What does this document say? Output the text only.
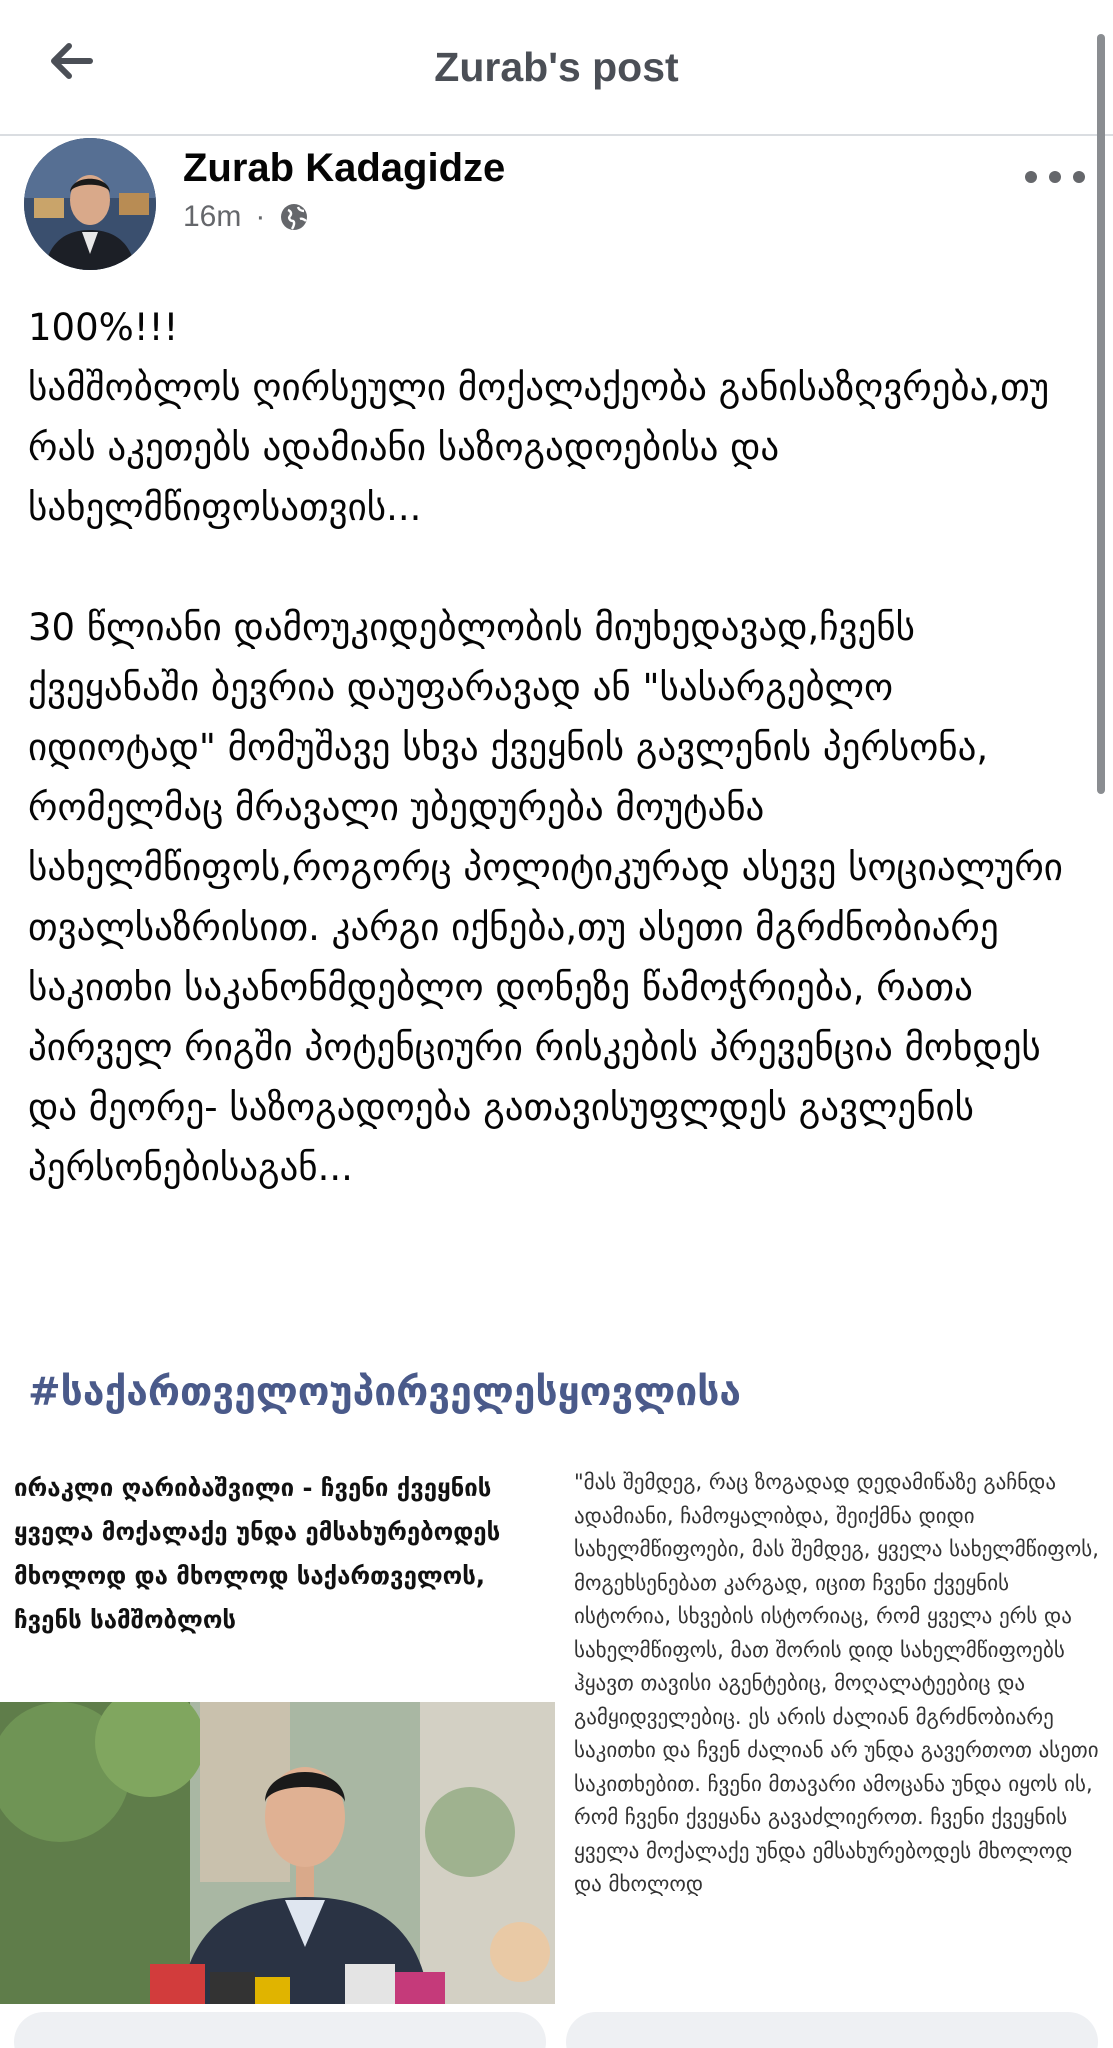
Zurab's post
Zurab Kadagidze
16m ·

100%!!!
სამშობლოს ღირსეული მოქალაქეობა განისაზღვრება,თუ რას აკეთებს ადამიანი საზოგადოებისა და სახელმწიფოსათვის...

30 წლიანი დამოუკიდებლობის მიუხედავად,ჩვენს ქვეყანაში ბევრია დაუფარავად ან "სასარგებლო იდიოტად" მომუშავე სხვა ქვეყნის გავლენის პერსონა, რომელმაც მრავალი უბედურება მოუტანა სახელმწიფოს,როგორც პოლიტიკურად ასევე სოციალური თვალსაზრისით. კარგი იქნება,თუ ასეთი მგრძნობიარე საკითხი საკანონმდებლო დონეზე წამოჭრიება, რათა პირველ რიგში პოტენციური რისკების პრევენცია მოხდეს  და მეორე- საზოგადოება გათავისუფლდეს გავლენის პერსონებისაგან...

#საქართველოუპირველესყოვლისა
ირაკლი ღარიბაშვილი - ჩვენი ქვეყნის ყველა მოქალაქე უნდა ემსახურებოდეს მხოლოდ და მხოლოდ საქართველოს, ჩვენს სამშობლოს
"მას შემდეგ, რაც ზოგადად დედამიწაზე გაჩნდა ადამიანი, ჩამოყალიბდა, შეიქმნა დიდი სახელმწიფოები, მას შემდეგ, ყველა სახელმწიფოს, მოგეხსენებათ კარგად, იცით ჩვენი ქვეყნის ისტორია, სხვების ისტორიაც, რომ ყველა ერს და სახელმწიფოს, მათ შორის დიდ სახელმწიფოებს ჰყავთ თავისი აგენტებიც, მოღალატეებიც და გამყიდველებიც. ეს არის ძალიან მგრძნობიარე საკითხი და ჩვენ ძალიან არ უნდა გავერთოთ ასეთი საკითხებით. ჩვენი მთავარი ამოცანა უნდა იყოს ის, რომ ჩვენი ქვეყანა გავაძლიეროთ. ჩვენი ქვეყნის ყველა მოქალაქე უნდა ემსახურებოდეს მხოლოდ და მხოლოდ
